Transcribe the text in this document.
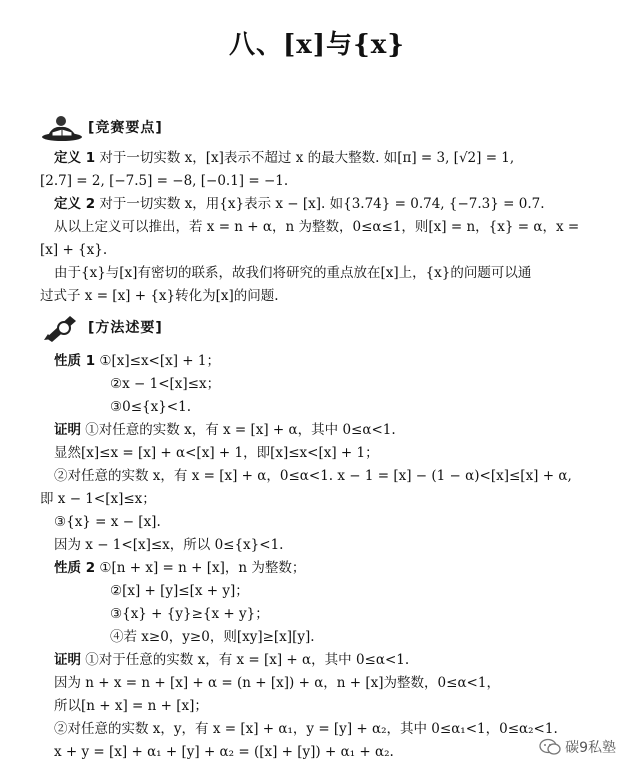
八、[x]与{x}
[竞赛要点]
[方法述要]
定义 1 对于一切实数 x，[x]表示不超过 x 的最大整数. 如[π] = 3, [√2] = 1,
[2.7] = 2, [−7.5] = −8, [−0.1] = −1.
定义 2 对于一切实数 x，用{x}表示 x − [x]. 如{3.74} = 0.74, {−7.3} = 0.7.
从以上定义可以推出，若 x = n + α，n 为整数，0≤α≤1，则[x] = n，{x} = α，x =
[x] + {x}.
由于{x}与[x]有密切的联系，故我们将研究的重点放在[x]上，{x}的问题可以通
过式子 x = [x] + {x}转化为[x]的问题.
性质 1 ①[x]≤x<[x] + 1；
②x − 1<[x]≤x；
③0≤{x}<1.
证明 ①对任意的实数 x，有 x = [x] + α，其中 0≤α<1.
显然[x]≤x = [x] + α<[x] + 1，即[x]≤x<[x] + 1；
②对任意的实数 x，有 x = [x] + α，0≤α<1. x − 1 = [x] − (1 − α)<[x]≤[x] + α,
即 x − 1<[x]≤x；
③{x} = x − [x].
因为 x − 1<[x]≤x，所以 0≤{x}<1.
性质 2 ①[n + x] = n + [x]，n 为整数；
②[x] + [y]≤[x + y]；
③{x} + {y}≥{x + y}；
④若 x≥0，y≥0，则[xy]≥[x][y].
证明 ①对于任意的实数 x，有 x = [x] + α，其中 0≤α<1.
因为 n + x = n + [x] + α = (n + [x]) + α，n + [x]为整数，0≤α<1，
所以[n + x] = n + [x]；
②对任意的实数 x，y，有 x = [x] + α₁，y = [y] + α₂，其中 0≤α₁<1，0≤α₂<1.
x + y = [x] + α₁ + [y] + α₂ = ([x] + [y]) + α₁ + α₂.	碳9私塾
